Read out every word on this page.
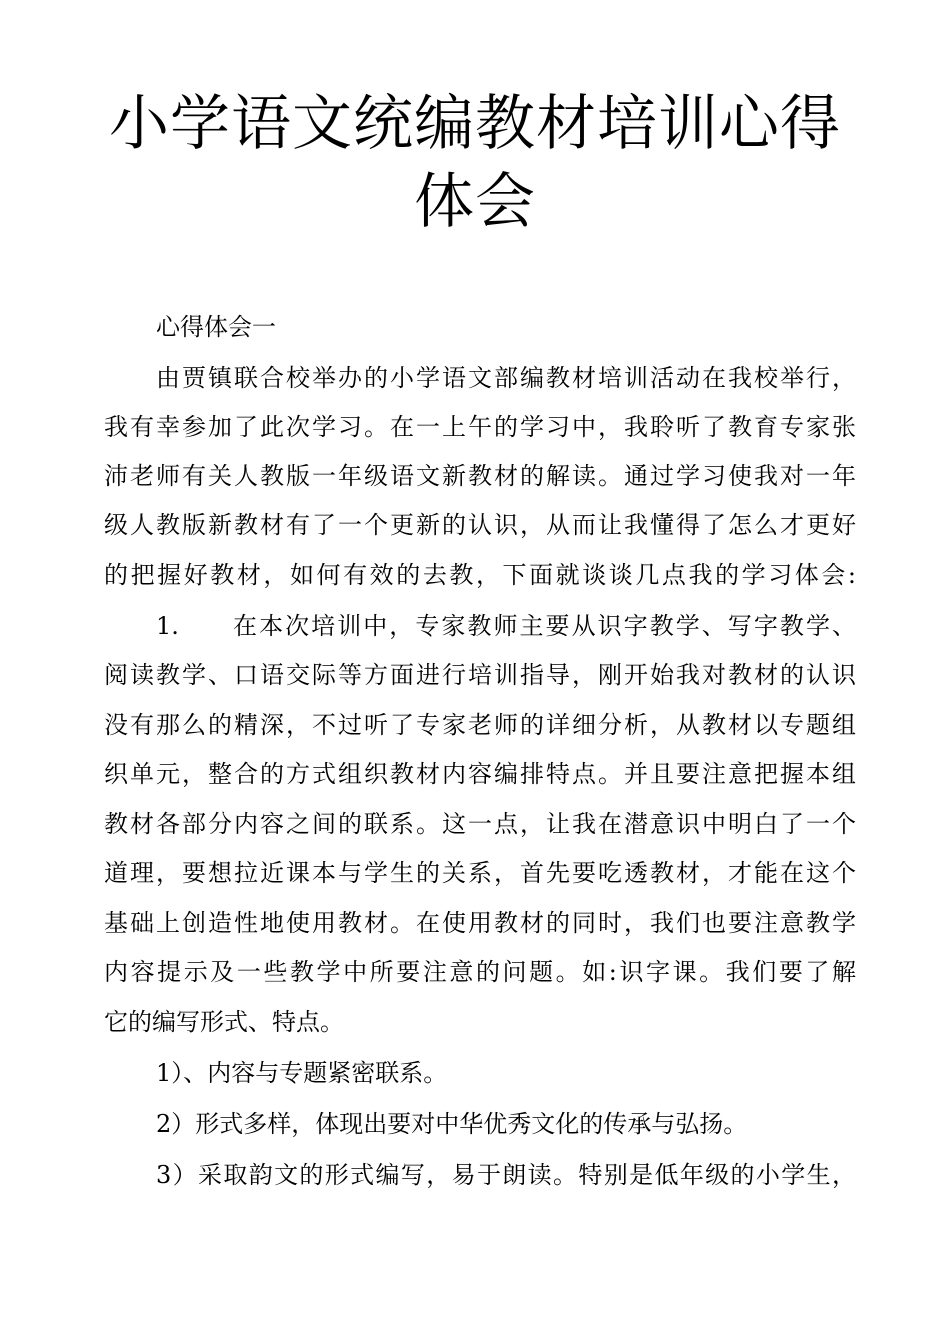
小学语文统编教材培训心得
体会
心得体会一
由贾镇联合校举办的小学语文部编教材培训活动在我校举行，
我有幸参加了此次学习。在一上午的学习中，我聆听了教育专家张
沛老师有关人教版一年级语文新教材的解读。通过学习使我对一年
级人教版新教材有了一个更新的认识，从而让我懂得了怎么才更好
的把握好教材，如何有效的去教，下面就谈谈几点我的学习体会:
1.　　在本次培训中，专家教师主要从识字教学、写字教学、
阅读教学、口语交际等方面进行培训指导，刚开始我对教材的认识
没有那么的精深，不过听了专家老师的详细分析，从教材以专题组
织单元，整合的方式组织教材内容编排特点。并且要注意把握本组
教材各部分内容之间的联系。这一点，让我在潜意识中明白了一个
道理，要想拉近课本与学生的关系，首先要吃透教材，才能在这个
基础上创造性地使用教材。在使用教材的同时，我们也要注意教学
内容提示及一些教学中所要注意的问题。如:识字课。我们要了解
它的编写形式、特点。
1）、内容与专题紧密联系。
2）形式多样，体现出要对中华优秀文化的传承与弘扬。
3）采取韵文的形式编写，易于朗读。特别是低年级的小学生，
